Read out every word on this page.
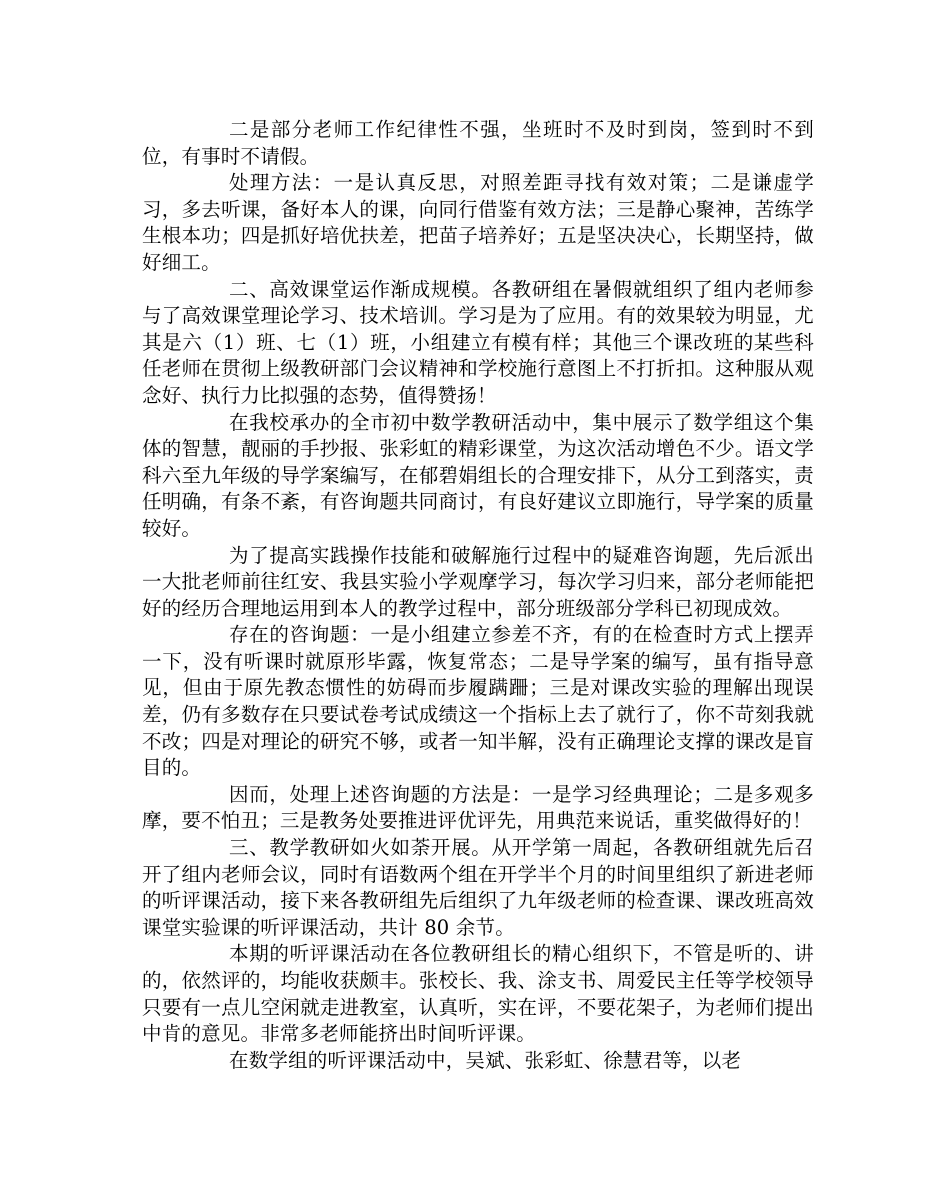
二是部分老师工作纪律性不强，坐班时不及时到岗，签到时不到位，有事时不请假。

处理方法：一是认真反思，对照差距寻找有效对策；二是谦虚学习，多去听课，备好本人的课，向同行借鉴有效方法；三是静心聚神，苦练学生根本功；四是抓好培优扶差，把苗子培养好；五是坚决决心，长期坚持，做好细工。

二、高效课堂运作渐成规模。各教研组在暑假就组织了组内老师参与了高效课堂理论学习、技术培训。学习是为了应用。有的效果较为明显，尤其是六（1）班、七（1）班，小组建立有模有样；其他三个课改班的某些科任老师在贯彻上级教研部门会议精神和学校施行意图上不打折扣。这种服从观念好、执行力比拟强的态势，值得赞扬！

在我校承办的全市初中数学教研活动中，集中展示了数学组这个集体的智慧，靓丽的手抄报、张彩虹的精彩课堂，为这次活动增色不少。语文学科六至九年级的导学案编写，在郁碧娟组长的合理安排下，从分工到落实，责任明确，有条不紊，有咨询题共同商讨，有良好建议立即施行，导学案的质量较好。

为了提高实践操作技能和破解施行过程中的疑难咨询题，先后派出一大批老师前往红安、我县实验小学观摩学习，每次学习归来，部分老师能把好的经历合理地运用到本人的教学过程中，部分班级部分学科已初现成效。

存在的咨询题：一是小组建立参差不齐，有的在检查时方式上摆弄一下，没有听课时就原形毕露，恢复常态；二是导学案的编写，虽有指导意见，但由于原先教态惯性的妨碍而步履蹒跚；三是对课改实验的理解出现误差，仍有多数存在只要试卷考试成绩这一个指标上去了就行了，你不苛刻我就不改；四是对理论的研究不够，或者一知半解，没有正确理论支撑的课改是盲目的。

因而，处理上述咨询题的方法是：一是学习经典理论；二是多观多摩，要不怕丑；三是教务处要推进评优评先，用典范来说话，重奖做得好的！

三、教学教研如火如荼开展。从开学第一周起，各教研组就先后召开了组内老师会议，同时有语数两个组在开学半个月的时间里组织了新进老师的听评课活动，接下来各教研组先后组织了九年级老师的检查课、课改班高效课堂实验课的听评课活动，共计 80 余节。

本期的听评课活动在各位教研组长的精心组织下，不管是听的、讲的，依然评的，均能收获颇丰。张校长、我、涂支书、周爱民主任等学校领导只要有一点儿空闲就走进教室，认真听，实在评，不要花架子，为老师们提出中肯的意见。非常多老师能挤出时间听评课。

在数学组的听评课活动中，吴斌、张彩虹、徐慧君等，以老
